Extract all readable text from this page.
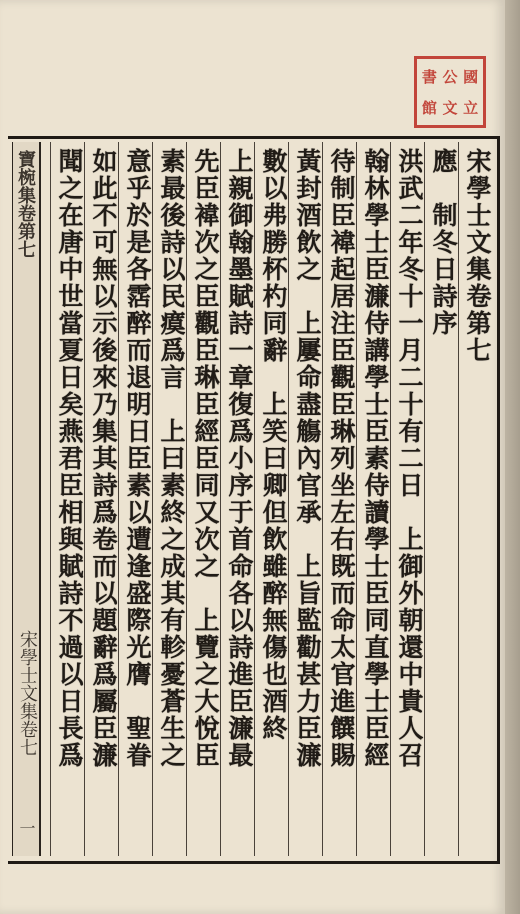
國
立
公
文
書
館
寶椀集卷第七
宋學士文集卷七
一
宋學士文集卷第七
應　制冬日詩序
洪武二年冬十一月二十有二日　上御外朝還中貴人召
翰林學士臣濂侍講學士臣素侍讀學士臣同直學士臣經
待制臣褘起居注臣觀臣琳列坐左右既而命太官進饌賜
黃封酒飲之　上屢命盡觴內官承　上旨監勸甚力臣濂
數以弗勝杯杓同辭　上笑曰卿但飲雖醉無傷也酒終
上親御翰墨賦詩一章復爲小序于首命各以詩進臣濂最
先臣褘次之臣觀臣琳臣經臣同又次之　上覽之大悅臣
素最後詩以民瘼爲言　上曰素終之成其有軫憂蒼生之
意乎於是各霑醉而退明日臣素以遭逢盛際光膺　聖眷
如此不可無以示後來乃集其詩爲卷而以題辭爲屬臣濂
聞之在唐中世當夏日矣燕君臣相與賦詩不過以日長爲
